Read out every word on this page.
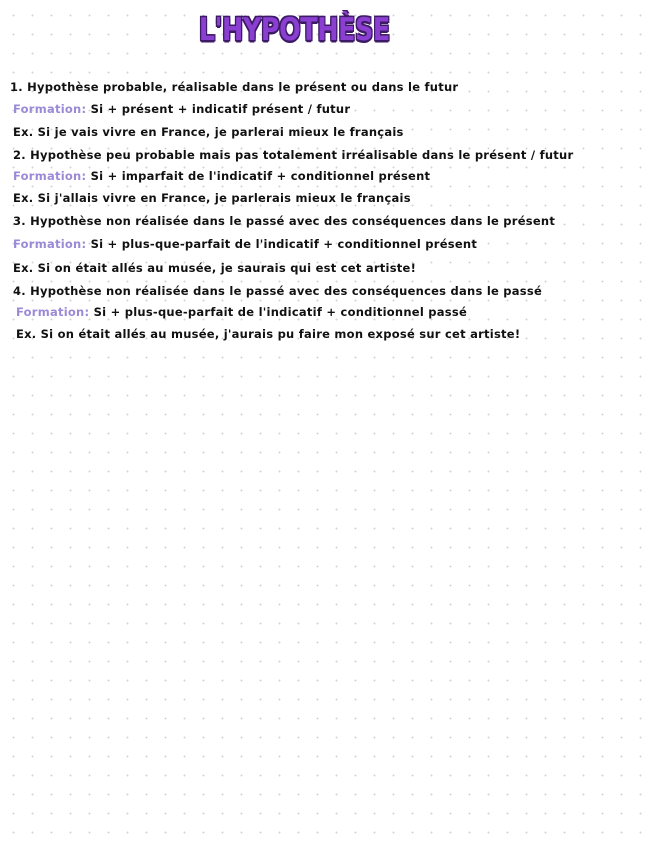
L'HYPOTHÈSE
1. Hypothèse probable, réalisable dans le présent ou dans le futur
Formation: Si + présent + indicatif présent / futur
Ex. Si je vais vivre en France, je parlerai mieux le français
2. Hypothèse peu probable mais pas totalement irréalisable dans le présent / futur
Formation: Si + imparfait de l'indicatif + conditionnel présent
Ex. Si j'allais vivre en France, je parlerais mieux le français
3. Hypothèse non réalisée dans le passé avec des conséquences dans le présent
Formation: Si + plus-que-parfait de l'indicatif + conditionnel présent
Ex. Si on était allés au musée, je saurais qui est cet artiste!
4. Hypothèse non réalisée dans le passé avec des conséquences dans le passé
Formation: Si + plus-que-parfait de l'indicatif + conditionnel passé
Ex. Si on était allés au musée, j'aurais pu faire mon exposé sur cet artiste!
